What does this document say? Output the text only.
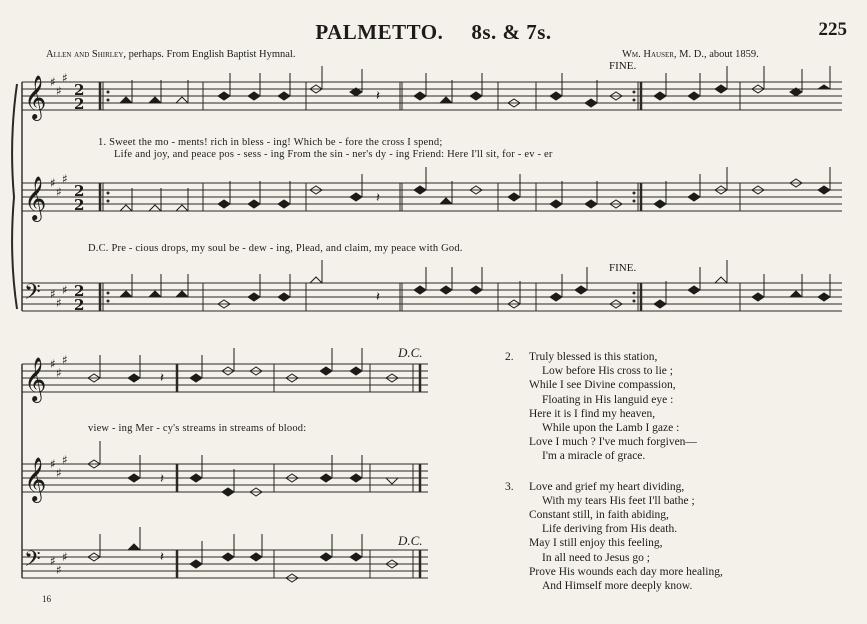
PALMETTO. 8s. & 7s.	225
Allen and Shirley, perhaps. From English Baptist Hymnal.	Wm. Hauser, M. D., about 1859.
𝄞
𝄞
𝄢
♯
♯
♯
♯
♯
♯
♯
♯
♯
2
2
2
2
2
2
𝄽
𝄽
𝄽
𝄽
𝄽
𝄽
𝄞
𝄞
𝄢
♯
♯
♯
♯
♯
♯
♯
♯
♯
FINE.
FINE.
D.C.
D.C.
1. Sweet the mo - ments! rich in bless - ing! Which be - fore the cross I spend;
Life and joy, and peace pos - sess - ing From the sin - ner's dy - ing Friend: Here I'll sit, for - ev - er
D.C. Pre - cious drops, my soul be - dew - ing, Plead, and claim, my peace with God.
view - ing Mer - cy's streams in streams of blood:
2.	Truly blessed is this station,
Low before His cross to lie ;
While I see Divine compassion,
Floating in His languid eye :
Here it is I find my heaven,
While upon the Lamb I gaze :
Love I much ? I've much forgiven—
I'm a miracle of grace.
3.	Love and grief my heart dividing,
With my tears His feet I'll bathe ;
Constant still, in faith abiding,
Life deriving from His death.
May I still enjoy this feeling,
In all need to Jesus go ;
Prove His wounds each day more healing,
And Himself more deeply know.
16
